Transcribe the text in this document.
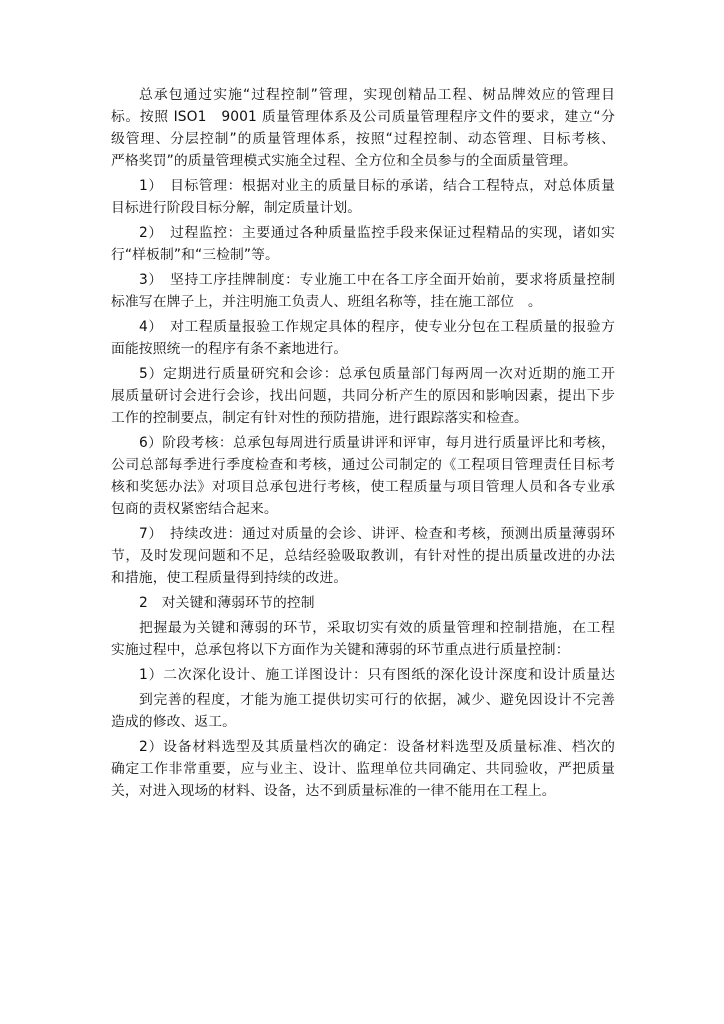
总承包通过实施“过程控制”管理，实现创精品工程、树品牌效应的管理目
标。按照 ISO1　9001 质量管理体系及公司质量管理程序文件的要求，建立“分
级管理、分层控制”的质量管理体系，按照“过程控制、动态管理、目标考核、
严格奖罚”的质量管理模式实施全过程、全方位和全员参与的全面质量管理。

1）　目标管理：根据对业主的质量目标的承诺，结合工程特点，对总体质量
目标进行阶段目标分解，制定质量计划。

2）　过程监控：主要通过各种质量监控手段来保证过程精品的实现，诸如实
行“样板制”和“三检制”等。

3）　坚持工序挂牌制度：专业施工中在各工序全面开始前，要求将质量控制
标准写在牌子上，并注明施工负责人、班组名称等，挂在施工部位　。

4）　对工程质量报验工作规定具体的程序，使专业分包在工程质量的报验方
面能按照统一的程序有条不紊地进行。

5）定期进行质量研究和会诊：总承包质量部门每两周一次对近期的施工开
展质量研讨会进行会诊，找出问题，共同分析产生的原因和影响因素，提出下步
工作的控制要点，制定有针对性的预防措施，进行跟踪落实和检查。

6）阶段考核：总承包每周进行质量讲评和评审，每月进行质量评比和考核，
公司总部每季进行季度检查和考核，通过公司制定的《工程项目管理责任目标考
核和奖惩办法》对项目总承包进行考核，使工程质量与项目管理人员和各专业承
包商的责权紧密结合起来。

7）　持续改进：通过对质量的会诊、讲评、检查和考核，预测出质量薄弱环
节，及时发现问题和不足，总结经验吸取教训，有针对性的提出质量改进的办法
和措施，使工程质量得到持续的改进。

2　对关键和薄弱环节的控制

把握最为关键和薄弱的环节，采取切实有效的质量管理和控制措施，在工程
实施过程中，总承包将以下方面作为关键和薄弱的环节重点进行质量控制：

1）二次深化设计、施工详图设计：只有图纸的深化设计深度和设计质量达

到完善的程度，才能为施工提供切实可行的依据，减少、避免因设计不完善
造成的修改、返工。

2）设备材料选型及其质量档次的确定：设备材料选型及质量标准、档次的
确定工作非常重要，应与业主、设计、监理单位共同确定、共同验收，严把质量
关，对进入现场的材料、设备，达不到质量标准的一律不能用在工程上。
